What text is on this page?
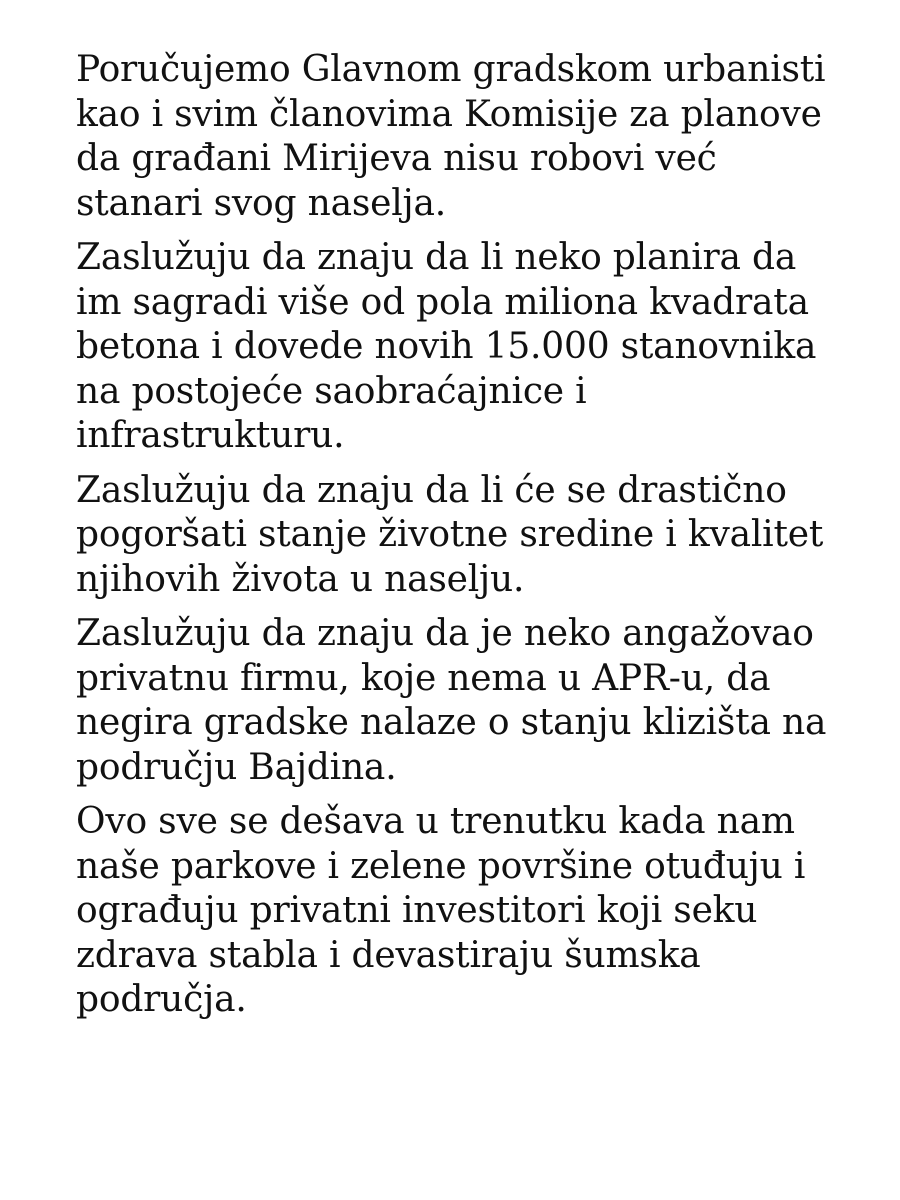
Poručujemo Glavnom gradskom urbanisti
kao i svim članovima Komisije za planove
da građani Mirijeva nisu robovi već
stanari svog naselja.

Zaslužuju da znaju da li neko planira da
im sagradi više od pola miliona kvadrata
betona i dovede novih 15.000 stanovnika
na postojeće saobraćajnice i
infrastrukturu.

Zaslužuju da znaju da li će se drastično
pogoršati stanje životne sredine i kvalitet
njihovih života u naselju.

Zaslužuju da znaju da je neko angažovao
privatnu firmu, koje nema u APR-u, da
negira gradske nalaze o stanju klizišta na
području Bajdina.

Ovo sve se dešava u trenutku kada nam
naše parkove i zelene površine otuđuju i
ograđuju privatni investitori koji seku
zdrava stabla i devastiraju šumska
područja.
